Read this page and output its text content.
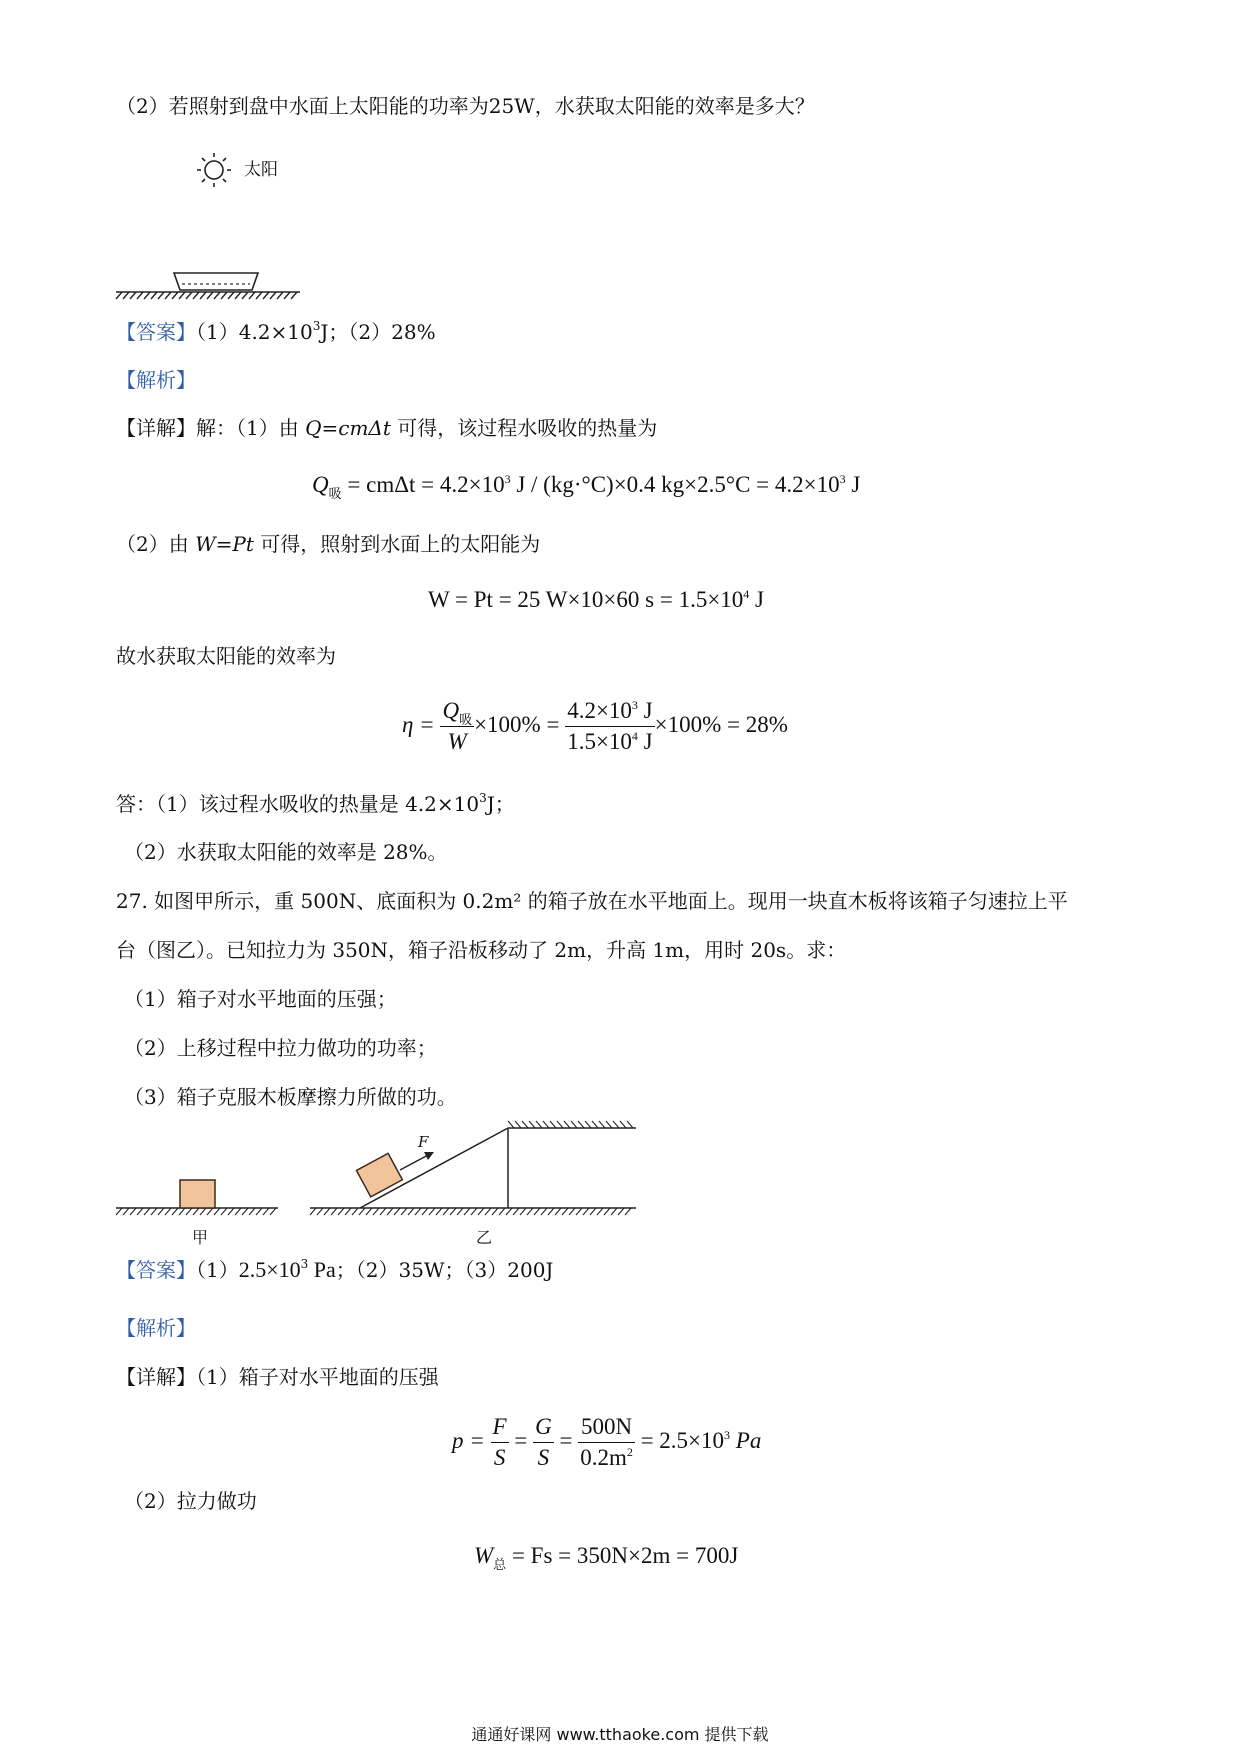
（2）若照射到盘中水面上太阳能的功率为25W，水获取太阳能的效率是多大？
太阳
【答案】$(1)4.2\times 10^3J$；（2）28%
【解析】
【详解】解：（1）由 Q=cmΔt 可得，该过程水吸收的热量为
$Q_吸 = cm\Delta t = 4.2\times 10^3$ J / (kg·°C)×0.4 $kg\times 2.5^\circ C = 4.2\times 10^3$ J
（2）由 W=Pt 可得，照射到水面上的太阳能为
W = Pt = 25 W×10×60 $s = 1.5\times 10^4$ J
故水获取太阳能的效率为
$\eta = \frac{Q_吸}{W} \times 100\% = \frac{4.2\times 10^3 J}{1.5\times 10^4 J} \times 100\% = 28\%$
答：（1）该过程水吸收的热量是 $4.2\times 10^3J$；
（2）水获取太阳能的效率是 28%。
27. 如图甲所示，重 500N、底面积为 0.2m² 的箱子放在水平地面上。现用一块直木板将该箱子匀速拉上平
台（图乙）。已知拉力为 350N，箱子沿板移动了 2m，升高 1m，用时 20s。求：
（1）箱子对水平地面的压强；
（2）上移过程中拉力做功的功率；
（3）箱子克服木板摩擦力所做的功。
F
甲	乙
【答案】$(1)2.5\times 10^3$ Pa；（2）35W；（3）200J
【解析】
【详解】（1）箱子对水平地面的压强
$p = \frac{F}{S} = \frac{G}{S} = \frac{500N}{0.2m^2} = 2.5\times 10^3$ Pa
（2）拉力做功
$W_总 = Fs = 350N\times 2m = 700J$
通通好课网 www.tthaoke.com 提供下载
